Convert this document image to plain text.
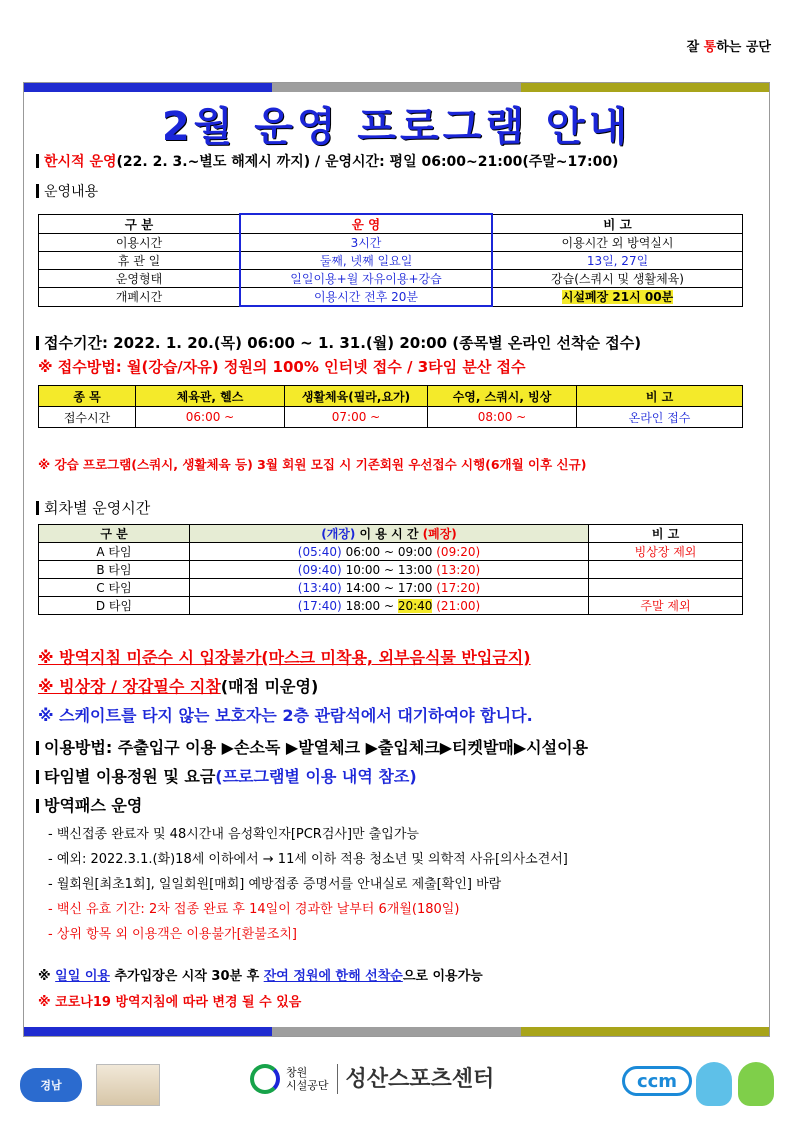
잘 통하는 공단
2월 운영 프로그램 안내
한시적 운영(22. 2. 3.~별도 해제시 까지) / 운영시간: 평일 06:00~21:00(주말~17:00)
운영내용
구 분	운 영	비 고
이용시간	3시간	이용시간 외 방역실시
휴 관 일	둘째, 넷째 일요일	13일, 27일
운영형태	일일이용+월 자유이용+강습	강습(스쿼시 및 생활체육)
개폐시간	이용시간 전후 20분	시설폐장 21시 00분
접수기간: 2022. 1. 20.(목) 06:00 ~ 1. 31.(월) 20:00 (종목별 온라인 선착순 접수)
※ 접수방법: 월(강습/자유) 정원의 100% 인터넷 접수 / 3타임 분산 접수
종 목	체육관, 헬스	생활체육(필라,요가)	수영, 스쿼시, 빙상	비 고
접수시간	06:00 ~	07:00 ~	08:00 ~	온라인 접수
※ 강습 프로그램(스쿼시, 생활체육 등) 3월 회원 모집 시 기존회원 우선접수 시행(6개월 이후 신규)
회차별 운영시간
구 분	(개장) 이 용 시 간 (폐장)	비 고
A 타임	(05:40) 06:00 ~ 09:00 (09:20)	빙상장 제외
B 타임	(09:40) 10:00 ~ 13:00 (13:20)	
C 타임	(13:40) 14:00 ~ 17:00 (17:20)	
D 타임	(17:40) 18:00 ~ 20:40 (21:00)	주말 제외
※ 방역지침 미준수 시 입장불가(마스크 미착용, 외부음식물 반입금지)
※ 빙상장 / 장갑필수 지참(매점 미운영)
※ 스케이트를 타지 않는 보호자는 2층 관람석에서 대기하여야 합니다.
이용방법: 주출입구 이용 ▶손소독 ▶발열체크 ▶출입체크▶티켓발매▶시설이용
타임별 이용정원 및 요금(프로그램별 이용 내역 참조)
방역패스 운영
- 백신접종 완료자 및 48시간내 음성확인자[PCR검사]만 출입가능
- 예외: 2022.3.1.(화)18세 이하에서 → 11세 이하 적용 청소년 및 의학적 사유[의사소견서]
- 월회원[최초1회], 일일회원[매회] 예방접종 증명서를 안내실로 제출[확인] 바람
- 백신 유효 기간: 2차 접종 완료 후 14일이 경과한 날부터 6개월(180일)
- 상위 항목 외 이용객은 이용불가[환불조치]
※ 일일 이용 추가입장은 시작 30분 후 잔여 정원에 한해 선착순으로 이용가능
※ 코로나19 방역지침에 따라 변경 될 수 있음
경남
창원
시설공단 성산스포츠센터	ccm
